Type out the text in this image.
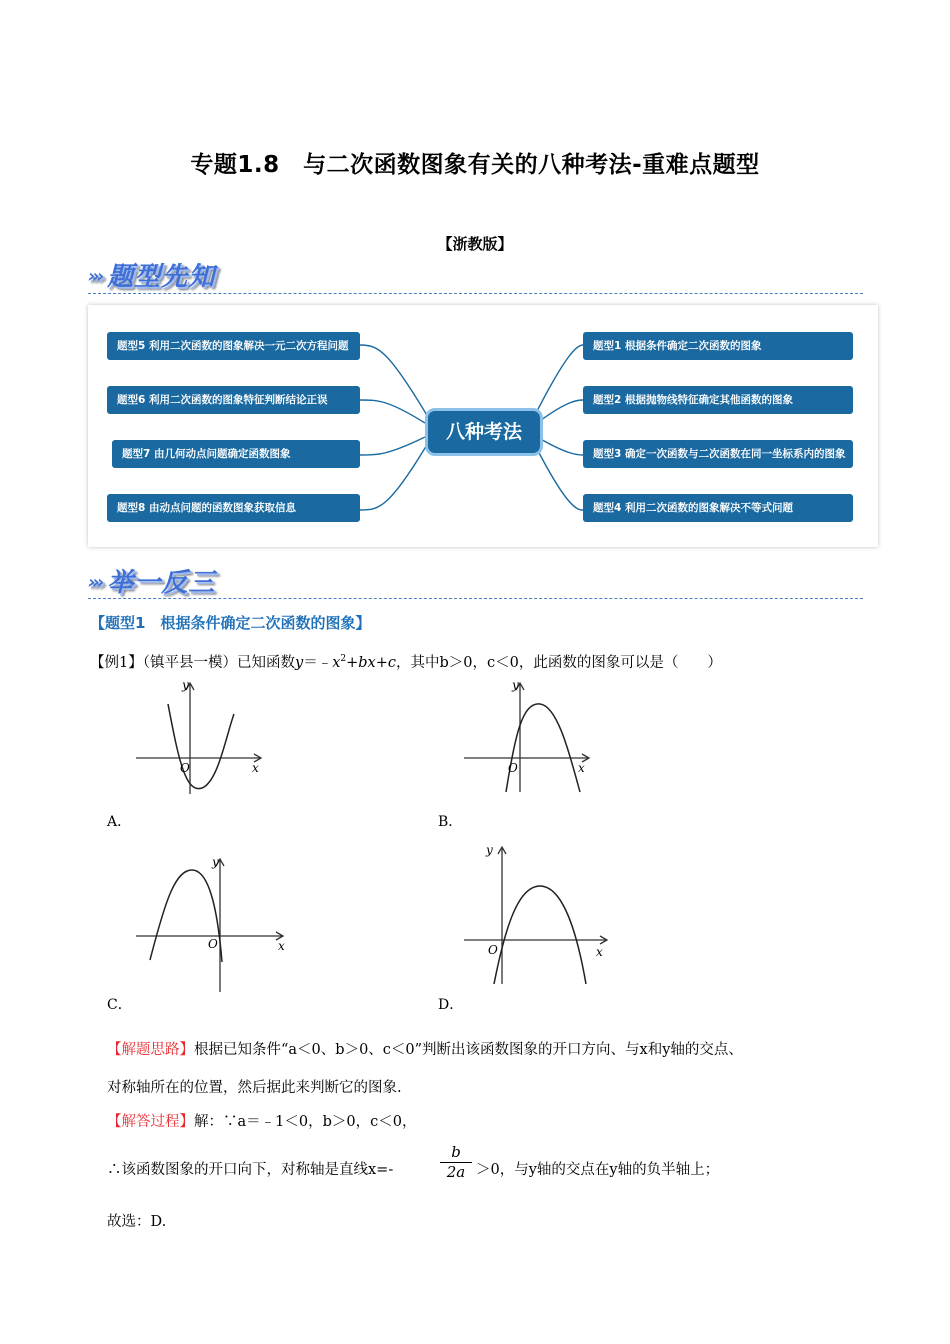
专题1.8　与二次函数图象有关的八种考法-重难点题型
【浙教版】
››› 题型先知
题型5 利用二次函数的图象解决一元二次方程问题
题型6 利用二次函数的图象特征判断结论正误
题型7 由几何动点问题确定函数图象
题型8 由动点问题的函数图象获取信息
八种考法
题型1 根据条件确定二次函数的图象
题型2 根据抛物线特征确定其他函数的图象
题型3 确定一次函数与二次函数在同一坐标系内的图象
题型4 利用二次函数的图象解决不等式问题
››› 举一反三
【题型1　根据条件确定二次函数的图象】
【例1】（镇平县一模）已知函数$y=﹣x^2+bx+c$，其中b＞0，c＜0，此函数的图象可以是（　　）
y
x
O
A．
y
x
O
B．
y
x
O
C．
y
x
O
D．
【解题思路】根据已知条件“a＜0、b＞0、c＜0”判断出该函数图象的开口方向、与x和y轴的交点、
对称轴所在的位置，然后据此来判断它的图象.
【解答过程】解：∵a＝﹣1＜0，b＞0，c＜0，
∴该函数图象的开口向下，对称轴是直线x=-	$\frac{b}{2a} >0$，与y轴的交点在y轴的负半轴上；
故选：D.
